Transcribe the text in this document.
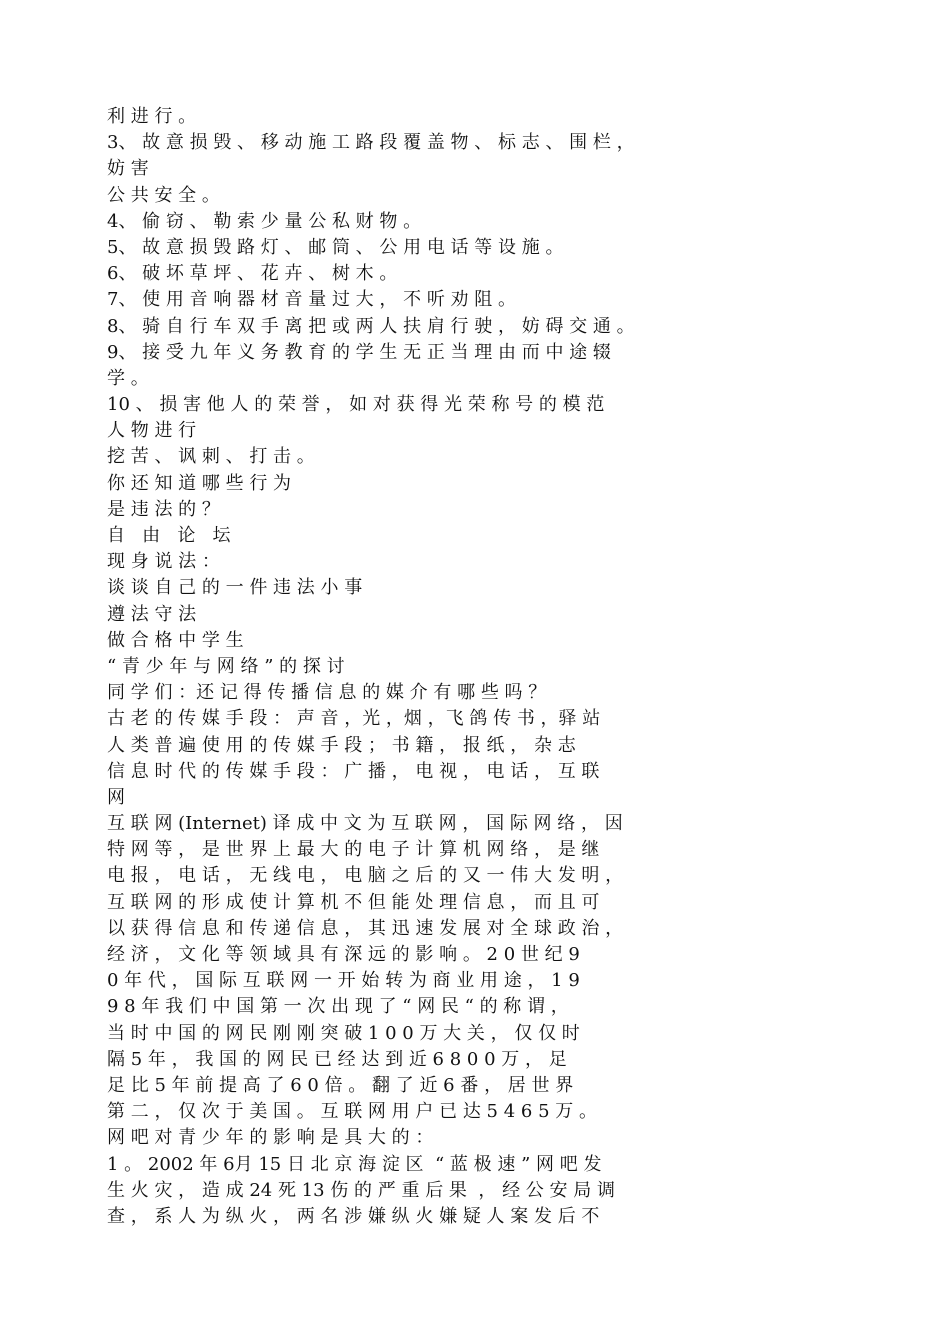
利 进 行 。
3、 故 意 损 毁 、 移 动 施 工 路 段 覆 盖 物 、 标 志 、 围 栏 ，
妨 害
公 共 安 全 。
4、 偷 窃 、 勒 索 少 量 公 私 财 物 。
5、 故 意 损 毁 路 灯 、 邮 筒 、 公 用 电 话 等 设 施 。
6、 破 坏 草 坪 、 花 卉 、 树 木 。
7、 使 用 音 响 器 材 音 量 过 大 ， 不 听 劝 阻 。
8、 骑 自 行 车 双 手 离 把 或 两 人 扶 肩 行 驶 ， 妨 碍 交 通 。
9、 接 受 九 年 义 务 教 育 的 学 生 无 正 当 理 由 而 中 途 辍
学 。
10 、 损 害 他 人 的 荣 誉 ， 如 对 获 得 光 荣 称 号 的 模 范
人 物 进 行
挖 苦 、 讽 刺 、 打 击 。
你 还 知 道 哪 些 行 为
是 违 法 的 ？
自   由   论   坛
现 身 说 法 ：
谈 谈 自 己 的 一 件 违 法 小 事
遵 法 守 法
做 合 格 中 学 生
“ 青 少 年 与 网 络 ” 的 探 讨
同 学 们 ：还 记 得 传 播 信 息 的 媒 介 有 哪 些 吗 ？
古 老 的 传 媒 手 段 ： 声 音 ，光 ，烟 ，飞 鸽 传 书 ，驿 站
人 类 普 遍 使 用 的 传 媒 手 段 ； 书 籍 ， 报 纸 ， 杂 志
信 息 时 代 的 传 媒 手 段 ： 广 播 ， 电 视 ， 电 话 ， 互 联
网
互 联 网 (Internet) 译 成 中 文 为 互 联 网 ， 国 际 网 络 ， 因
特 网 等 ， 是 世 界 上 最 大 的 电 子 计 算 机 网 络 ， 是 继
电 报 ， 电 话 ， 无 线 电 ， 电 脑 之 后 的 又 一 伟 大 发 明 ，
互 联 网 的 形 成 使 计 算 机 不 但 能 处 理 信 息 ， 而 且 可
以 获 得 信 息 和 传 递 信 息 ， 其 迅 速 发 展 对 全 球 政 治 ，
经 济 ， 文 化 等 领 域 具 有 深 远 的 影 响 。 2 0 世 纪 9
0 年 代 ， 国 际 互 联 网 一 开 始 转 为 商 业 用 途 ， 1 9
9 8 年 我 们 中 国 第 一 次 出 现 了 “ 网 民 “ 的 称 谓 ，
当 时 中 国 的 网 民 刚 刚 突 破 1 0 0 万 大 关 ， 仅 仅 时
隔 5 年 ， 我 国 的 网 民 已 经 达 到 近 6 8 0 0 万 ， 足
足 比 5 年 前 提 高 了 6 0 倍 。 翻 了 近 6 番 ， 居 世 界
第 二 ， 仅 次 于 美 国 。 互 联 网 用 户 已 达 5 4 6 5 万 。
网 吧 对 青 少 年 的 影 响 是 具 大 的 ：
1 。 2002 年 6月 15 日 北 京 海 淀 区  “ 蓝 极 速 ” 网 吧 发
生 火 灾 ， 造 成 24 死 13 伤 的 严 重 后 果  ， 经 公 安 局 调
查 ， 系 人 为 纵 火 ， 两 名 涉 嫌 纵 火 嫌 疑 人 案 发 后 不
